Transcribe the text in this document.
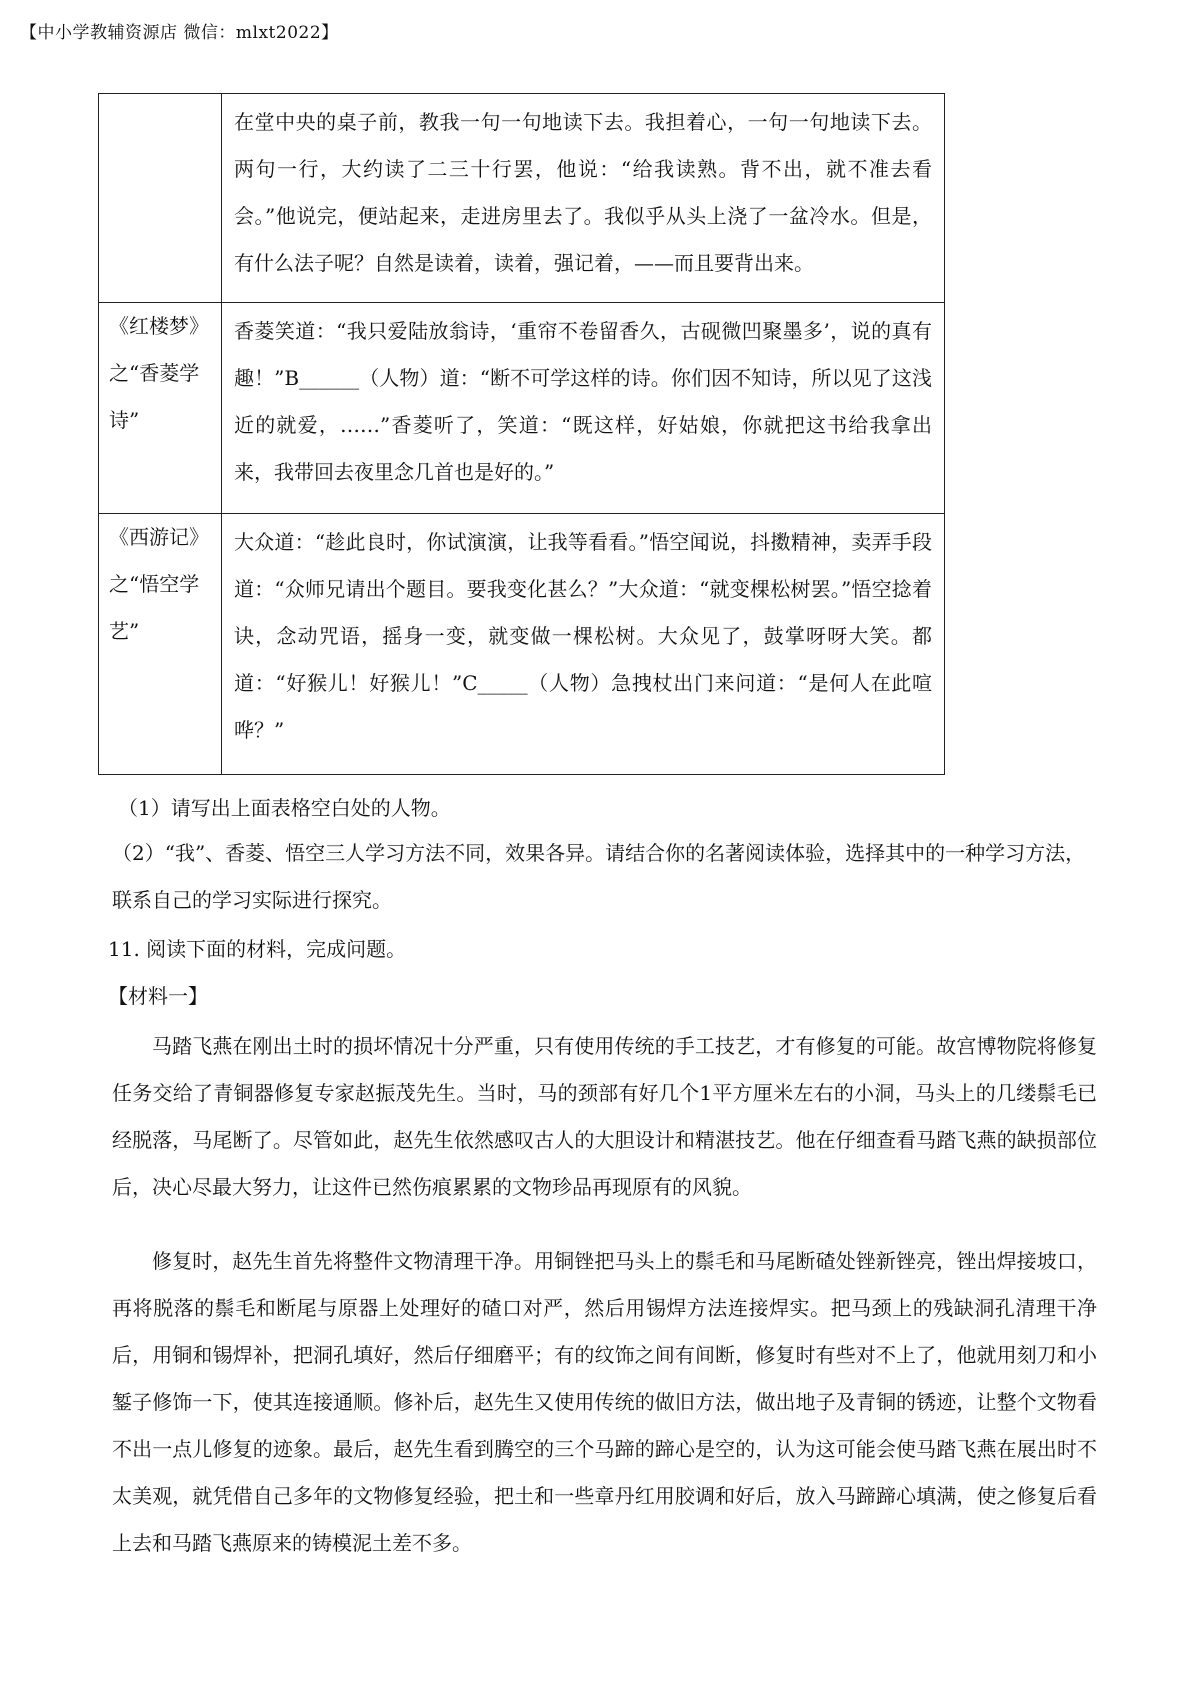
【中小学教辅资源店 微信：mlxt2022】
	在堂中央的桌子前，教我一句一句地读下去。我担着心，一句一句地读下去。两句一行，大约读了二三十行罢，他说：“给我读熟。背不出，就不准去看会。”他说完，便站起来，走进房里去了。我似乎从头上浇了一盆冷水。但是，有什么法子呢？自然是读着，读着，强记着，——而且要背出来。
《红楼梦》之“香菱学诗”	香菱笑道：“我只爱陆放翁诗，‘重帘不卷留香久，古砚微凹聚墨多’，说的真有趣！”B______（人物）道：“断不可学这样的诗。你们因不知诗，所以见了这浅近的就爱，……”香菱听了，笑道：“既这样，好姑娘，你就把这书给我拿出来，我带回去夜里念几首也是好的。”
《西游记》之“悟空学艺”	大众道：“趁此良时，你试演演，让我等看看。”悟空闻说，抖擞精神，卖弄手段道：“众师兄请出个题目。要我变化甚么？”大众道：“就变棵松树罢。”悟空捻着诀，念动咒语，摇身一变，就变做一棵松树。大众见了，鼓掌呀呀大笑。都道：“好猴儿！好猴儿！”C_____（人物）急拽杖出门来问道：“是何人在此喧哗？”
（1）请写出上面表格空白处的人物。
（2）“我”、香菱、悟空三人学习方法不同，效果各异。请结合你的名著阅读体验，选择其中的一种学习方法，联系自己的学习实际进行探究。
11. 阅读下面的材料，完成问题。
【材料一】
马踏飞燕在刚出土时的损坏情况十分严重，只有使用传统的手工技艺，才有修复的可能。故宫博物院将修复任务交给了青铜器修复专家赵振茂先生。当时，马的颈部有好几个1平方厘米左右的小洞，马头上的几缕鬃毛已经脱落，马尾断了。尽管如此，赵先生依然感叹古人的大胆设计和精湛技艺。他在仔细查看马踏飞燕的缺损部位后，决心尽最大努力，让这件已然伤痕累累的文物珍品再现原有的风貌。
修复时，赵先生首先将整件文物清理干净。用铜锉把马头上的鬃毛和马尾断碴处锉新锉亮，锉出焊接坡口，再将脱落的鬃毛和断尾与原器上处理好的碴口对严，然后用锡焊方法连接焊实。把马颈上的残缺洞孔清理干净后，用铜和锡焊补，把洞孔填好，然后仔细磨平；有的纹饰之间有间断，修复时有些对不上了，他就用刻刀和小錾子修饰一下，使其连接通顺。修补后，赵先生又使用传统的做旧方法，做出地子及青铜的锈迹，让整个文物看不出一点儿修复的迹象。最后，赵先生看到腾空的三个马蹄的蹄心是空的，认为这可能会使马踏飞燕在展出时不太美观，就凭借自己多年的文物修复经验，把土和一些章丹红用胶调和好后，放入马蹄蹄心填满，使之修复后看上去和马踏飞燕原来的铸模泥土差不多。
